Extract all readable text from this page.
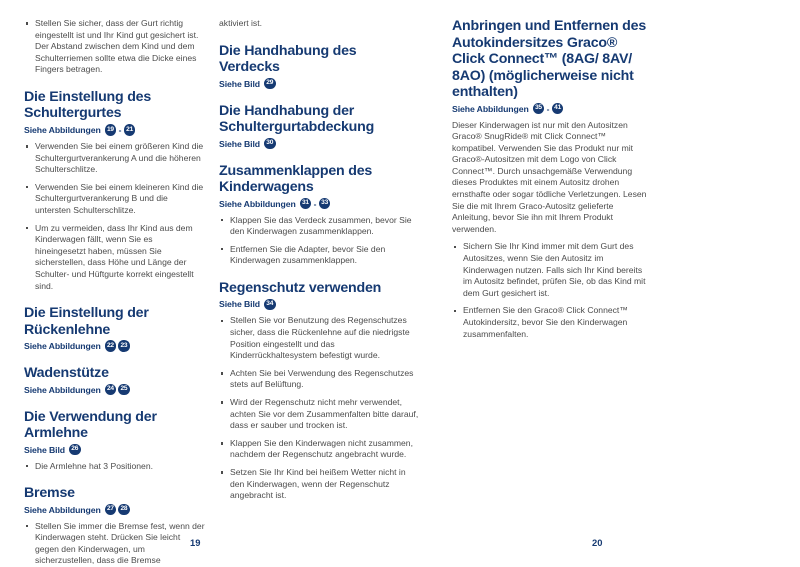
Stellen Sie sicher, dass der Gurt richtig eingestellt ist und Ihr Kind gut gesichert ist. Der Abstand zwischen dem Kind und dem Schulterriemen sollte etwa die Dicke eines Fingers betragen.
Die Einstellung des Schultergurtes
Siehe Abbildungen 19 - 21
Verwenden Sie bei einem größeren Kind die Schultergurtverankerung A und die höheren Schulterschlitze.
Verwenden Sie bei einem kleineren Kind die Schultergurtverankerung B und die untersten Schulterschlitze.
Um zu vermeiden, dass Ihr Kind aus dem Kinderwagen fällt, wenn Sie es hineingesetzt haben, müssen Sie sicherstellen, dass Höhe und Länge der Schulter- und Hüftgurte korrekt eingestellt sind.
Die Einstellung der Rückenlehne
Siehe Abbildungen 22 23
Wadenstütze
Siehe Abbildungen 24 25
Die Verwendung der Armlehne
Siehe Bild 26
Die Armlehne hat 3 Positionen.
Bremse
Siehe Abbildungen 27 28
Stellen Sie immer die Bremse fest, wenn der Kinderwagen steht. Drücken Sie leicht gegen den Kinderwagen, um sicherzustellen, dass die Bremse

aktiviert ist.

Die Handhabung des Verdecks
Siehe Bild 29
Die Handhabung der Schultergurtabdeckung
Siehe Bild 30
Zusammenklappen des Kinderwagens
Siehe Abbildungen 31 - 33
Klappen Sie das Verdeck zusammen, bevor Sie den Kinderwagen zusammenklappen.
Entfernen Sie die Adapter, bevor Sie den Kinderwagen zusammenklappen.
Regenschutz verwenden
Siehe Bild 34
Stellen Sie vor Benutzung des Regenschutzes sicher, dass die Rückenlehne auf die niedrigste Position eingestellt und das Kinderrückhaltesystem befestigt wurde.
Achten Sie bei Verwendung des Regenschutzes stets auf Belüftung.
Wird der Regenschutz nicht mehr verwendet, achten Sie vor dem Zusammenfalten bitte darauf, dass er sauber und trocken ist.
Klappen Sie den Kinderwagen nicht zusammen, nachdem der Regenschutz angebracht wurde.
Setzen Sie Ihr Kind bei heißem Wetter nicht in den Kinderwagen, wenn der Regenschutz angebracht ist.
Anbringen und Entfernen des Autokindersitzes Graco® Click Connect™ (8AG/ 8AV/ 8AO) (möglicherweise nicht enthalten)
Siehe Abbildungen 35 - 41

Dieser Kinderwagen ist nur mit den Autositzen Graco® SnugRide® mit Click Connect™ kompatibel. Verwenden Sie das Produkt nur mit Graco®-Autositzen mit dem Logo von Click Connect™. Durch unsachgemäße Verwendung dieses Produktes mit einem Autositz drohen ernsthafte oder sogar tödliche Verletzungen. Lesen Sie die mit Ihrem Graco-Autositz gelieferte Anleitung, bevor Sie ihn mit Ihrem Produkt verwenden.

Sichern Sie Ihr Kind immer mit dem Gurt des Autositzes, wenn Sie den Autositz im Kinderwagen nutzen. Falls sich Ihr Kind bereits im Autositz befindet, prüfen Sie, ob das Kind mit dem Gurt gesichert ist.
Entfernen Sie den Graco® Click Connect™ Autokindersitz, bevor Sie den Kinderwagen zusammenfalten.
19	20
